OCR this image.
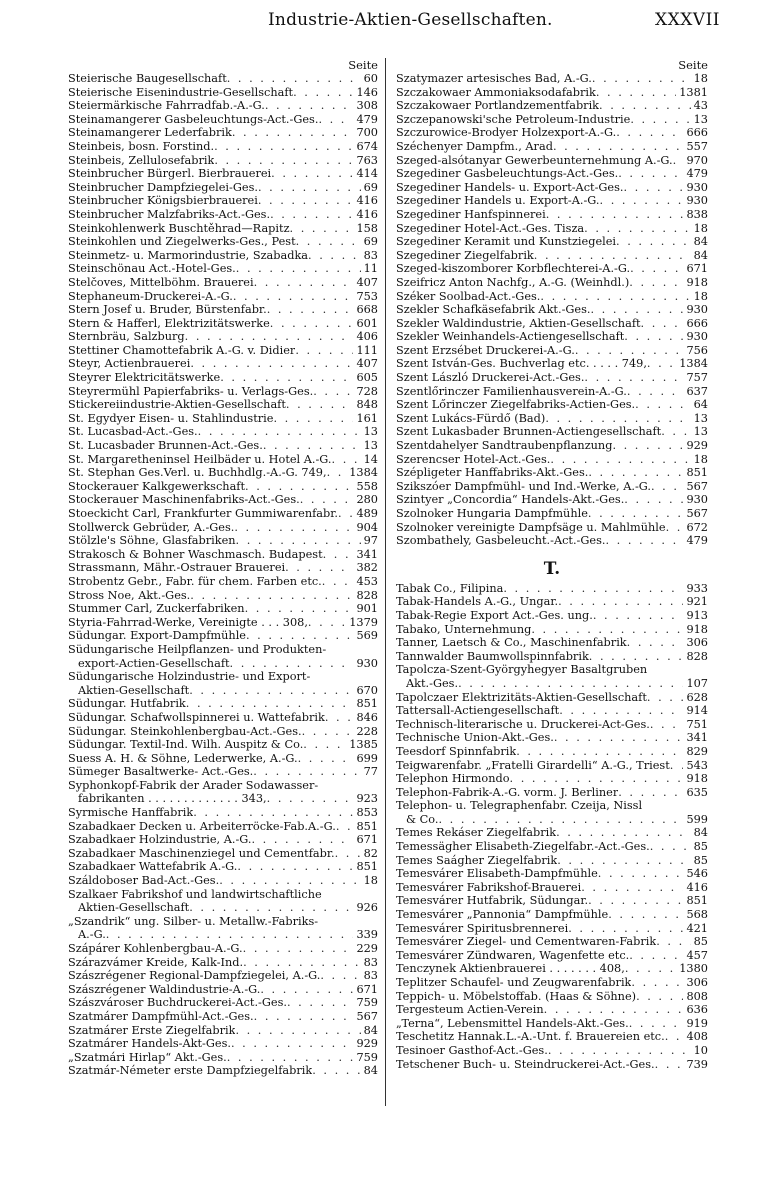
Industrie-Aktien-Gesellschaften.	XXXVII
Seite
Steierische Baugesellschaft . . .	60
Steierische Eisenindustrie-Gesellschaft . . .	146
Steiermärkische Fahrradfab.-A.-G. . . .	308
Steinamangerer Gasbeleuchtungs-Act.-Ges. . . .	479
Steinamangerer Lederfabrik . . .	700
Steinbeis, bosn. Forstind. . . .	674
Steinbeis, Zellulosefabrik . . .	763
Steinbrucher Bürgerl. Bierbrauerei . . .	414
Steinbrucher Dampfziegelei-Ges. . . .	69
Steinbrucher Königsbierbrauerei . . .	416
Steinbrucher Malzfabriks-Act.-Ges. . . .	416
Steinkohlenwerk Buschtěhrad—Rapitz . . .	158
Steinkohlen und Ziegelwerks-Ges., Pest . . .	69
Steinmetz- u. Marmorindustrie, Szabadka . . .	83
Steinschönau Act.-Hotel-Ges. . . .	11
Stelčoves, Mittelböhm. Brauerei . . .	407
Stephaneum-Druckerei-A.-G. . . .	753
Stern Josef u. Bruder, Bürstenfabr. . . .	668
Stern & Hafferl, Elektrizitätswerke . . .	601
Sternbräu, Salzburg . . .	406
Stettiner Chamottefabrik A.-G. v. Didier . . .	111
Steyr, Actienbrauerei . . .	407
Steyrer Elektricitätswerke . . .	605
Steyrermühl Papierfabriks- u. Verlags-Ges. . . .	728
Stickereiindustrie-Aktien-Gesellschaft . . .	848
St. Egydyer Eisen- u. Stahlindustrie . . .	161
St. Lucasbad-Act.-Ges. . . .	13
St. Lucasbader Brunnen-Act.-Ges. . . .	13
St. Margaretheninsel Heilbäder u. Hotel A.-G. . . .	14
St. Stephan Ges.Verl. u. Buchhdlg.-A.-G. 749, . . . 1384
Stockerauer Kalkgewerkschaft . . .	558
Stockerauer Maschinenfabriks-Act.-Ges. . . .	280
Stoeckicht Carl, Frankfurter Gummiwarenfabr. . . . 489
Stollwerck Gebrüder, A.-Ges. . . .	904
Stölzle's Söhne, Glasfabriken . . .	97
Strakosch & Bohner Waschmasch. Budapest . . .	341
Strassmann, Mähr.-Ostrauer Brauerei . . .	382
Strobentz Gebr., Fabr. für chem. Farben etc. . . .	453
Stross Noe, Akt.-Ges. . . .	828
Stummer Carl, Zuckerfabriken . . .	901
Styria-Fahrrad-Werke, Vereinigte . . . 308, . . .	1379
Südungar. Export-Dampfmühle . . .	569
Südungarische Heilpflanzen- und Produkten-
export-Actien-Gesellschaft . . .	930
Südungarische Holzindustrie- und Export-
Aktien-Gesellschaft . . .	670
Südungar. Hutfabrik . . .	851
Südungar. Schafwollspinnerei u. Wattefabrik . . .	846
Südungar. Steinkohlenbergbau-Act.-Ges. . . .	228
Südungar. Textil-Ind. Wilh. Auspitz & Co. . . .	1385
Suess A. H. & Söhne, Lederwerke, A.-G. . . .	699
Sümeger Basaltwerke- Act.-Ges. . . .	77
Syphonkopf-Fabrik der Arader Sodawasser-
fabrikanten . . . . . . . . . . . . . 343, . . .	923
Syrmische Hanffabrik . . .	853
Szabadkaer Decken u. Arbeiterröcke-Fab.A.-G. . . . 851
Szabadkaer Holzindustrie, A.-G. . . .	671
Szabadkaer Maschinenziegel und Cementfabr. . . .	82
Szabadkaer Wattefabrik A.-G. . . .	851
Száldoboser Bad-Act.-Ges. . . .	18
Szalkaer Fabrikshof und landwirtschaftliche
Aktien-Gesellschaft . . .	926
„Szandrik“ ung. Silber- u. Metallw.-Fabriks-
A.-G. . . .	339
Szápárer Kohlenbergbau-A.-G. . . .	229
Szárazvámer Kreide, Kalk-Ind. . . .	83
Szászrégener Regional-Dampfziegelei, A.-G. . . .	83
Szászrégener Waldindustrie-A.-G. . . .	671
Szászvároser Buchdruckerei-Act.-Ges. . . .	759
Szatmárer Dampfmühl-Act.-Ges. . . .	567
Szatmárer Erste Ziegelfabrik . . .	84
Szatmárer Handels-Akt-Ges. . . .	929
„Szatmári Hirlap“ Akt.-Ges. . . .	759
Szatmár-Németer erste Dampfziegelfabrik . . .	84
Seite
Szatymazer artesisches Bad, A.-G. . . .	18
Szczakowaer Ammoniaksodafabrik . . .	1381
Szczakowaer Portlandzementfabrik . . .	43
Szczepanowski'sche Petroleum-Industrie . . .	13
Szczurowice-Brodyer Holzexport-A.-G. . . .	666
Széchenyer Dampfm., Arad . . .	557
Szeged-alsótanyar Gewerbeunternehmung A.-G. . . . 970
Szegediner Gasbeleuchtungs-Act.-Ges. . . .	479
Szegediner Handels- u. Export-Act-Ges. . . .	930
Szegediner Handels u. Export-A.-G. . . .	930
Szegediner Hanfspinnerei . . .	838
Szegediner Hotel-Act.-Ges. Tisza . . .	18
Szegediner Keramit und Kunstziegelei . . .	84
Szegediner Ziegelfabrik . . .	84
Szeged-kiszomborer Korbflechterei-A.-G. . . .	671
Szeifricz Anton Nachfg., A.-G. (Weinhdl.) . . .	918
Széker Soolbad-Act.-Ges. . . .	18
Szekler Schafkäsefabrik Akt.-Ges. . . .	930
Szekler Waldindustrie, Aktien-Gesellschaft . . .	666
Szekler Weinhandels-Actiengesellschaft . . .	930
Szent Erzsébet Druckerei-A.-G. . . .	756
Szent István-Ges. Buchverlag etc. . . . . 749, . . .	1384
Szent László Druckerei-Act.-Ges. . . .	757
Szentlőrinczer Familienhausverein-A.-G. . . .	637
Szent Lőrinczer Ziegelfabriks-Actien-Ges. . . .	64
Szent Lukács-Fürdő (Bad) . . .	13
Szent Lukasbader Brunnen-Actiengesellschaft . . .	13
Szentdahelyer Sandtraubenpflanzung . . .	929
Szerencser Hotel-Act.-Ges. . . .	18
Szépligeter Hanffabriks-Akt.-Ges. . . .	851
Szikszóer Dampfmühl- und Ind.-Werke, A.-G. . . .	567
Szintyer „Concordia“ Handels-Akt.-Ges. . . .	930
Szolnoker Hungaria Dampfmühle . . .	567
Szolnoker vereinigte Dampfsäge u. Mahlmühle . . . 672
Szombathely, Gasbeleucht.-Act.-Ges. . . .	479
T.
Tabak Co., Filipina . . .	933
Tabak-Handels A.-G., Ungar. . . .	921
Tabak-Regie Export Act.-Ges. ung. . . .	913
Tabako, Unternehmung . . .	918
Tanner, Laetsch & Co., Maschinenfabrik . . .	306
Tannwalder Baumwollspinnfabrik . . .	828
Tapolcza-Szent-Györgyhegyer Basaltgruben
Akt.-Ges. . . .	107
Tapolczaer Elektrizitäts-Aktien-Gesellschaft . . .	628
Tattersall-Actiengesellschaft . . .	914
Technisch-literarische u. Druckerei-Act-Ges. . . .	751
Technische Union-Akt.-Ges. . . .	341
Teesdorf Spinnfabrik . . .	829
Teigwarenfabr. „Fratelli Girardelli“ A.-G., Triest . . . 543
Telephon Hirmondo . . .	918
Telephon-Fabrik-A.-G. vorm. J. Berliner . . .	635
Telephon- u. Telegraphenfabr. Czeija, Nissl
& Co. . . .	599
Temes Rekáser Ziegelfabrik . . .	84
Temessägher Elisabeth-Ziegelfabr.-Act.-Ges. . . .	85
Temes Saágher Ziegelfabrik . . .	85
Temesvárer Elisabeth-Dampfmühle . . .	546
Temesvárer Fabrikshof-Brauerei . . .	416
Temesvárer Hutfabrik, Südungar. . . .	851
Temesvárer „Pannonia“ Dampfmühle . . .	568
Temesvárer Spiritusbrennerei . . .	421
Temesvárer Ziegel- und Cementwaren-Fabrik . . .	85
Temesvárer Zündwaren, Wagenfette etc. . . .	457
Tenczynek Aktienbrauerei . . . . . . . 408, . . .	1380
Teplitzer Schaufel- und Zeugwarenfabrik . . .	306
Teppich- u. Möbelstoffab. (Haas & Söhne) . . .	808
Tergesteum Actien-Verein . . .	636
„Terna“, Lebensmittel Handels-Akt.-Ges. . . .	919
Teschetitz Hannak.L.-A.-Unt. f. Brauereien etc. . . . 408
Tesinoer Gasthof-Act.-Ges. . . .	10
Tetschener Buch- u. Steindruckerei-Act.-Ges. . . .	739
